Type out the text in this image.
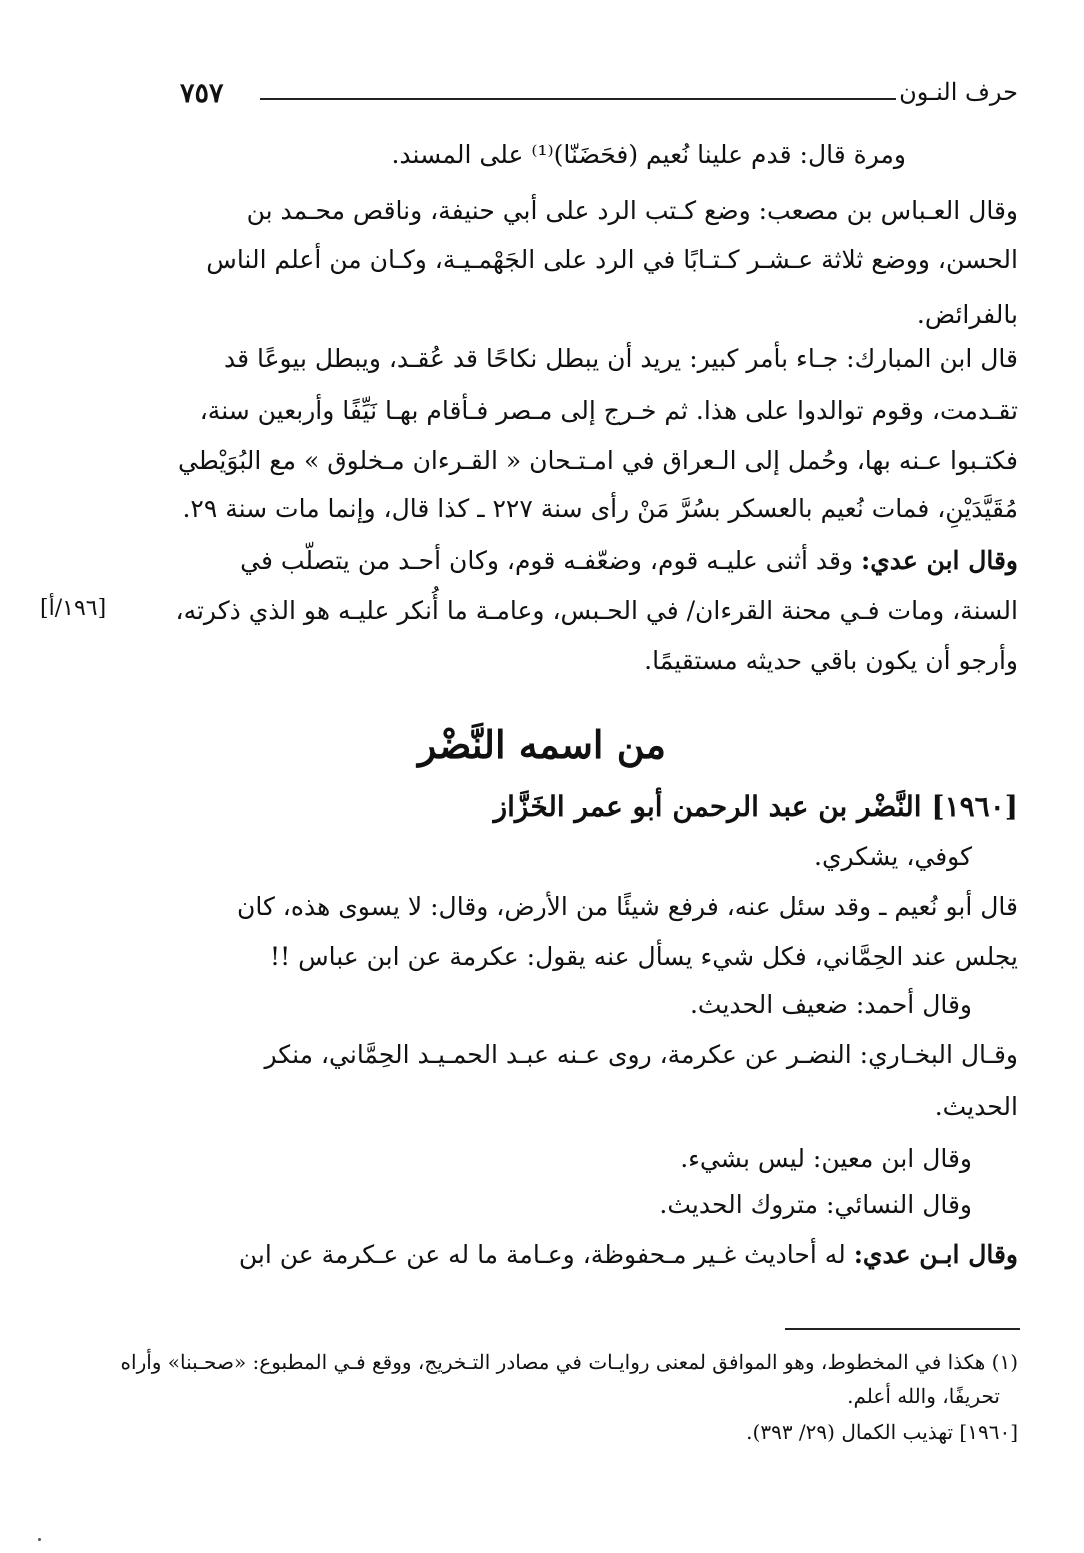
٧٥٧	حرف النـون
ومرة قال: قدم علينا نُعيم (فحَضَنّا)⁽¹⁾ على المسند.
وقال العـباس بن مصعب: وضع كـتب الرد على أبي حنيفة، وناقص محـمد بن
الحسن، ووضع ثلاثة عـشـر كـتـابًا في الرد على الجَهْمـيـة، وكـان من أعلم الناس
بالفرائض.
قال ابن المبارك: جـاء بأمر كبير: يريد أن يبطل نكاحًا قد عُقـد، ويبطل بيوعًا قد
تقـدمت، وقوم توالدوا على هذا. ثم خـرج إلى مـصر فـأقام بهـا نَيِّفًا وأربعين سنة،
فكتـبوا عـنه بها، وحُمل إلى الـعراق في امـتـحان « القـرءان مـخلوق » مع البُوَيْطي
مُقَيَّدَيْنِ، فمات نُعيم بالعسكر بسُرَّ مَنْ رأى سنة ٢٢٧ ـ كذا قال، وإنما مات سنة ٢٩.
وقال ابن عدي: وقد أثنى عليـه قوم، وضعّفـه قوم، وكان أحـد من يتصلّب في
السنة، ومات فـي محنة القرءان/ في الحـبس، وعامـة ما أُنكر عليـه هو الذي ذكرته،
وأرجو أن يكون باقي حديثه مستقيمًا.
[١٩٦/أ]
من اسمه النَّضْر
[١٩٦٠] النَّضْر بن عبد الرحمن أبو عمر الخَزَّاز
كوفي، يشكري.
قال أبو نُعيم ـ وقد سئل عنه، فرفع شيئًا من الأرض، وقال: لا يسوى هذه، كان
يجلس عند الحِمَّاني، فكل شيء يسأل عنه يقول: عكرمة عن ابن عباس !!
وقال أحمد: ضعيف الحديث.
وقـال البخـاري: النضـر عن عكرمة، روى عـنه عبـد الحمـيـد الحِمَّاني، منكر
الحديث.
وقال ابن معين: ليس بشيء.
وقال النسائي: متروك الحديث.
وقال ابـن عدي: له أحاديث غـير مـحفوظة، وعـامة ما له عن عـكرمة عن ابن
(١) هكذا في المخطوط، وهو الموافق لمعنى روايـات في مصادر التـخريج، ووقع فـي المطبوع: «صحـبنا» وأراه
تحريفًا، والله أعلم.
[١٩٦٠] تهذيب الكمال (٢٩/ ٣٩٣).
